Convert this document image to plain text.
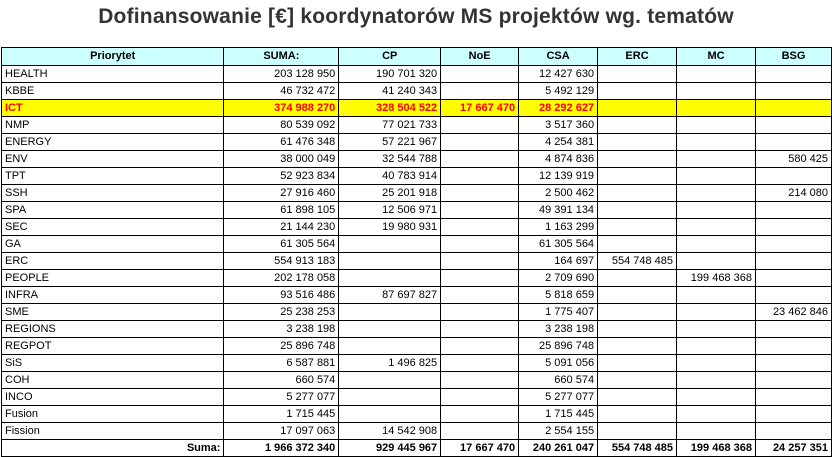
Dofinansowanie [€] koordynatorów MS projektów wg. tematów
Priorytet	SUMA:	CP	NoE	CSA	ERC	MC	BSG
HEALTH	203 128 950	190 701 320		12 427 630			
KBBE	46 732 472	41 240 343		5 492 129			
ICT	374 988 270	328 504 522	17 667 470	28 292 627			
NMP	80 539 092	77 021 733		3 517 360			
ENERGY	61 476 348	57 221 967		4 254 381			
ENV	38 000 049	32 544 788		4 874 836			580 425
TPT	52 923 834	40 783 914		12 139 919			
SSH	27 916 460	25 201 918		2 500 462			214 080
SPA	61 898 105	12 506 971		49 391 134			
SEC	21 144 230	19 980 931		1 163 299			
GA	61 305 564			61 305 564			
ERC	554 913 183			164 697	554 748 485		
PEOPLE	202 178 058			2 709 690		199 468 368	
INFRA	93 516 486	87 697 827		5 818 659			
SME	25 238 253			1 775 407			23 462 846
REGIONS	3 238 198			3 238 198			
REGPOT	25 896 748			25 896 748			
SiS	6 587 881	1 496 825		5 091 056			
COH	660 574			660 574			
INCO	5 277 077			5 277 077			
Fusion	1 715 445			1 715 445			
Fission	17 097 063	14 542 908		2 554 155			
Suma:	1 966 372 340	929 445 967	17 667 470	240 261 047	554 748 485	199 468 368	24 257 351
